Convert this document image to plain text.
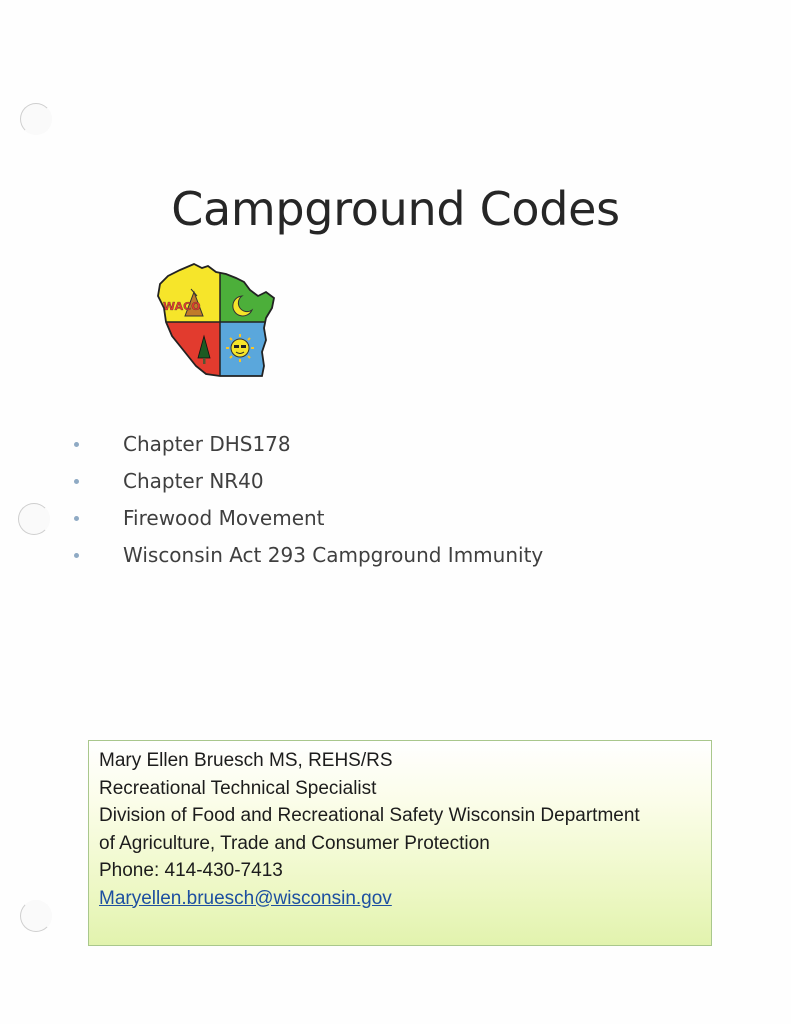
Campground Codes
WACO
Chapter DHS178
Chapter NR40
Firewood Movement
Wisconsin Act 293 Campground Immunity
Mary Ellen Bruesch MS, REHS/RS
Recreational Technical Specialist
Division of Food and Recreational Safety Wisconsin Department
of Agriculture, Trade and Consumer Protection
Phone: 414-430-7413
Maryellen.bruesch@wisconsin.gov
